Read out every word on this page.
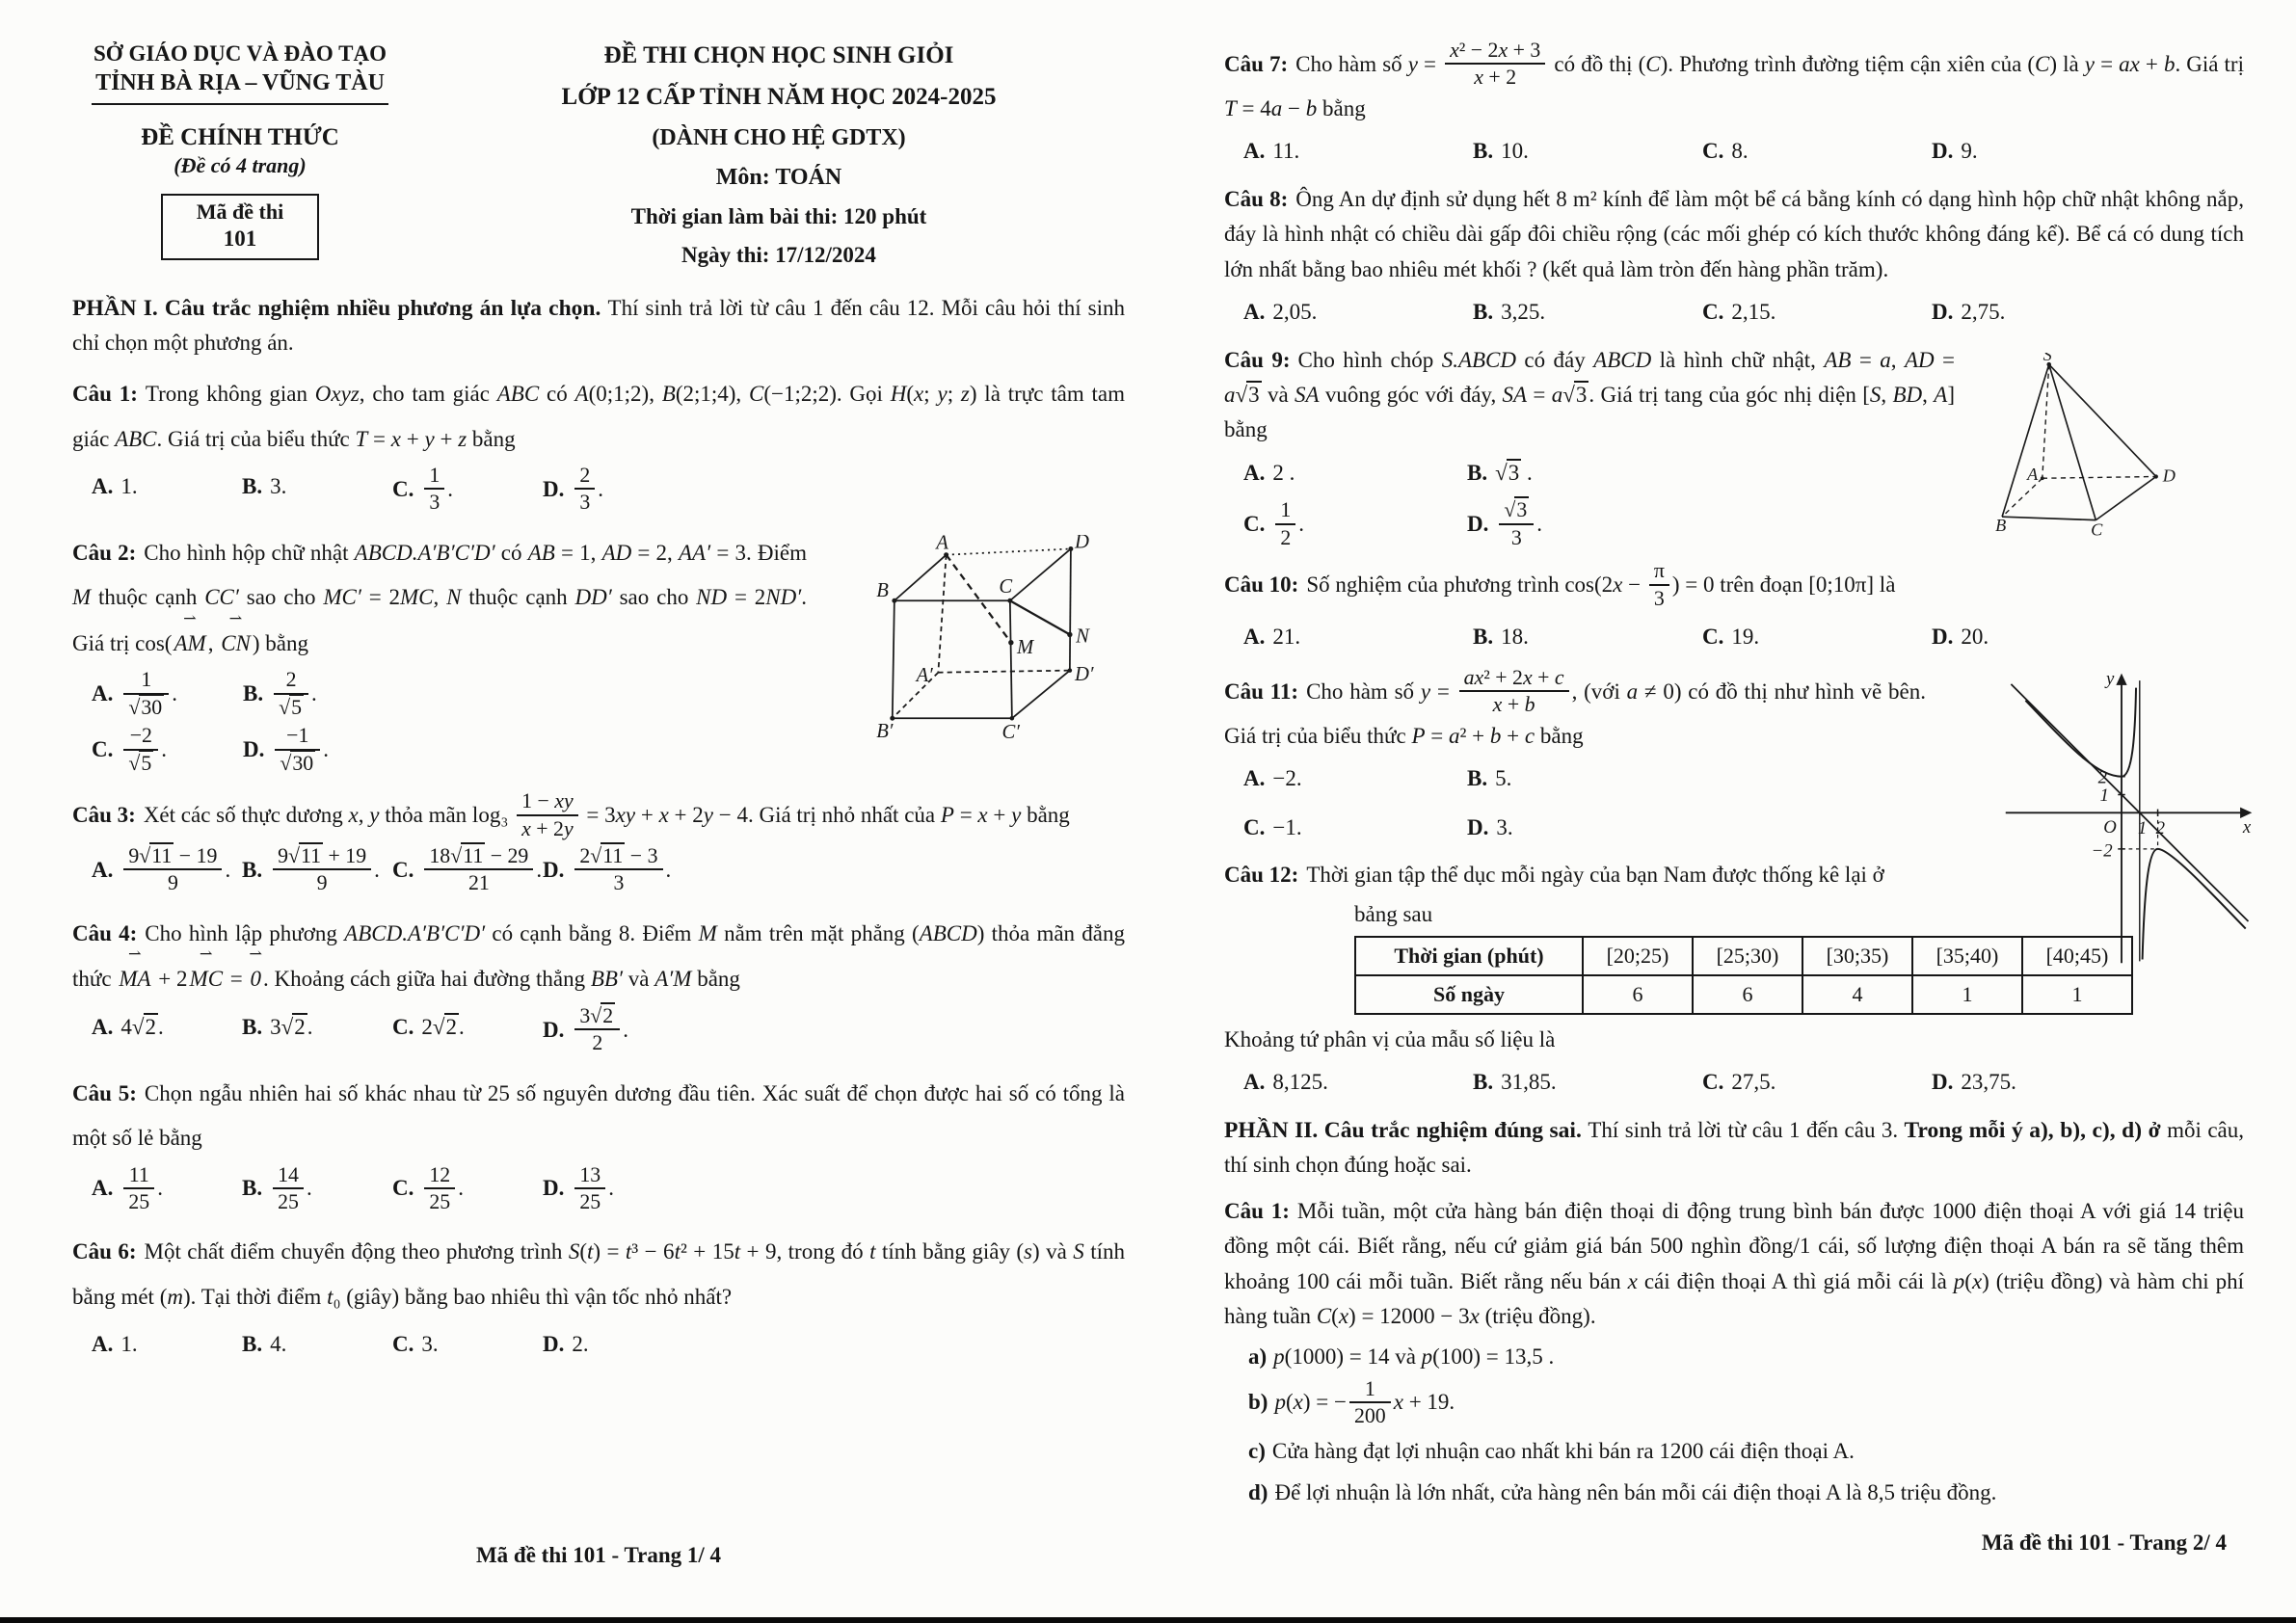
SỞ GIÁO DỤC VÀ ĐÀO TẠO
TỈNH BÀ RỊA – VŨNG TÀU
ĐỀ CHÍNH THỨC
(Đề có 4 trang)
Mã đề thi
101
ĐỀ THI CHỌN HỌC SINH GIỎI
LỚP 12 CẤP TỈNH NĂM HỌC 2024-2025
(DÀNH CHO HỆ GDTX)
Môn: TOÁN
Thời gian làm bài thi: 120 phút
Ngày thi: 17/12/2024

PHẦN I. Câu trắc nghiệm nhiều phương án lựa chọn. Thí sinh trả lời từ câu 1 đến câu 12. Mỗi câu hỏi thí sinh chỉ chọn một phương án.

Câu 1: Trong không gian Oxyz, cho tam giác ABC có A(0;1;2), B(2;1;4), C(−1;2;2). Gọi H(x; y; z) là trực tâm tam giác ABC. Giá trị của biểu thức T = x + y + z bằng

A. 1.	B. 3.	C. $\frac{1}{3}$ .	D. $\frac{2}{3}$ .

Câu 2: Cho hình hộp chữ nhật ABCD.A′B′C′D′ có AB = 1, AD = 2, AA′ = 3. Điểm M thuộc cạnh CC′ sao cho MC′ = 2MC, N thuộc cạnh DD′ sao cho ND = 2ND′. Giá trị cos(
⇀
AM,
⇀
CN) bằng

A. $\frac{1}{√30}$ .	B. $\frac{2}{√5}$ .
C. $\frac{-2}{√5}$ .	D. $\frac{-1}{√30}$ .
A	D
B	C
M
N
A′	D′
B′	C′

Câu 3: Xét các số thực dương x, y thỏa mãn $\log_3 \frac{1 - xy}{x + 2y} = 3xy + x + 2y - 4$. Giá trị nhỏ nhất của P = x + y bằng

A. $\frac{9√11 - 19}{9}$ . B. $\frac{9√11 + 19}{9}$ . C. $\frac{18√11 - 29}{21}$ . D. $\frac{2√11 - 3}{3}$ .

Câu 4: Cho hình lập phương ABCD.A′B′C′D′ có cạnh bằng 8. Điểm M nằm trên mặt phẳng (ABCD) thỏa mãn đẳng thức
⇀
MA + 2
⇀
MC =
⇀
0. Khoảng cách giữa hai đường thẳng BB′ và A′M bằng

A. 4√2.	B. 3√2.	C. 2√2.	D. $\frac{3√2}{2}$ .

Câu 5: Chọn ngẫu nhiên hai số khác nhau từ 25 số nguyên dương đầu tiên. Xác suất để chọn được hai số có tổng là một số lẻ bằng

A. $\frac{11}{25}$ .	B. $\frac{14}{25}$ .	C. $\frac{12}{25}$ .	D. $\frac{13}{25}$ .

Câu 6: Một chất điểm chuyển động theo phương trình S(t) = t³ − 6t² + 15t + 9, trong đó t tính bằng giây (s) và S tính bằng mét (m). Tại thời điểm t₀ (giây) bằng bao nhiêu thì vận tốc nhỏ nhất?

A. 1.	B. 4.	C. 3.	D. 2.

Câu 7: Cho hàm số $y = \frac{\text{x² − 2x + 3}}{x + 2}$ có đồ thị (C). Phương trình đường tiệm cận xiên của (C) là y = ax + b. Giá trị T = 4a − b bằng

A. 11.	B. 10.	C. 8.	D. 9.

Câu 8: Ông An dự định sử dụng hết 8 m² kính để làm một bể cá bằng kính có dạng hình hộp chữ nhật không nắp, đáy là hình nhật có chiều dài gấp đôi chiều rộng (các mối ghép có kích thước không đáng kể). Bể cá có dung tích lớn nhất bằng bao nhiêu mét khối ? (kết quả làm tròn đến hàng phần trăm).

A. 2,05.	B. 3,25.	C. 2,15.	D. 2,75.

Câu 9: Cho hình chóp S.ABCD có đáy ABCD là hình chữ nhật, AB = a, AD = a√3 và SA vuông góc với đáy, SA = a√3. Giá trị tang của góc nhị diện [S, BD, A] bằng

A. 2 .	B. √3 .
C. $\frac{1}{2}$ .	D. $\frac{√3}{3}$ .
S
A	D
B	C

Câu 10: Số nghiệm của phương trình $\cos(2x - \frac{\pi}{3}$ ) = 0 trên đoạn [0;10π] là

A. 21.	B. 18.	C. 19.	D. 20.

Câu 11: Cho hàm số $y = \frac{\text{ax² + 2x + c}}{x + b}$ , (với a ≠ 0) có đồ thị như hình vẽ bên. Giá trị của biểu thức P = a² + b + c bằng

A. −2.	B. 5.
C. −1.	D. 3.
y
x
O
2
1
−2
1 2

Câu 12: Thời gian tập thể dục mỗi ngày của bạn Nam được thống kê lại ở

bảng sau

Thời gian (phút)	[20;25)	[25;30)	[30;35)	[35;40)	[40;45)
Số ngày	6	6	4	1	1

Khoảng tứ phân vị của mẫu số liệu là

A. 8,125.	B. 31,85.	C. 27,5.	D. 23,75.

PHẦN II. Câu trắc nghiệm đúng sai. Thí sinh trả lời từ câu 1 đến câu 3. Trong mỗi ý a), b), c), d) ở mỗi câu, thí sinh chọn đúng hoặc sai.

Câu 1: Mỗi tuần, một cửa hàng bán điện thoại di động trung bình bán được 1000 điện thoại A với giá 14 triệu đồng một cái. Biết rằng, nếu cứ giảm giá bán 500 nghìn đồng/1 cái, số lượng điện thoại A bán ra sẽ tăng thêm khoảng 100 cái mỗi tuần. Biết rằng nếu bán x cái điện thoại A thì giá mỗi cái là p(x) (triệu đồng) và hàm chi phí hàng tuần C(x) = 12000 − 3x (triệu đồng).

a) p(1000) = 14 và p(100) = 13,5 .

b) p(x) = − $\frac{1}{200}$ x + 19.

c) Cửa hàng đạt lợi nhuận cao nhất khi bán ra 1200 cái điện thoại A.

d) Để lợi nhuận là lớn nhất, cửa hàng nên bán mỗi cái điện thoại A là 8,5 triệu đồng.

Mã đề thi 101 - Trang 1/ 4
Mã đề thi 101 - Trang 2/ 4
